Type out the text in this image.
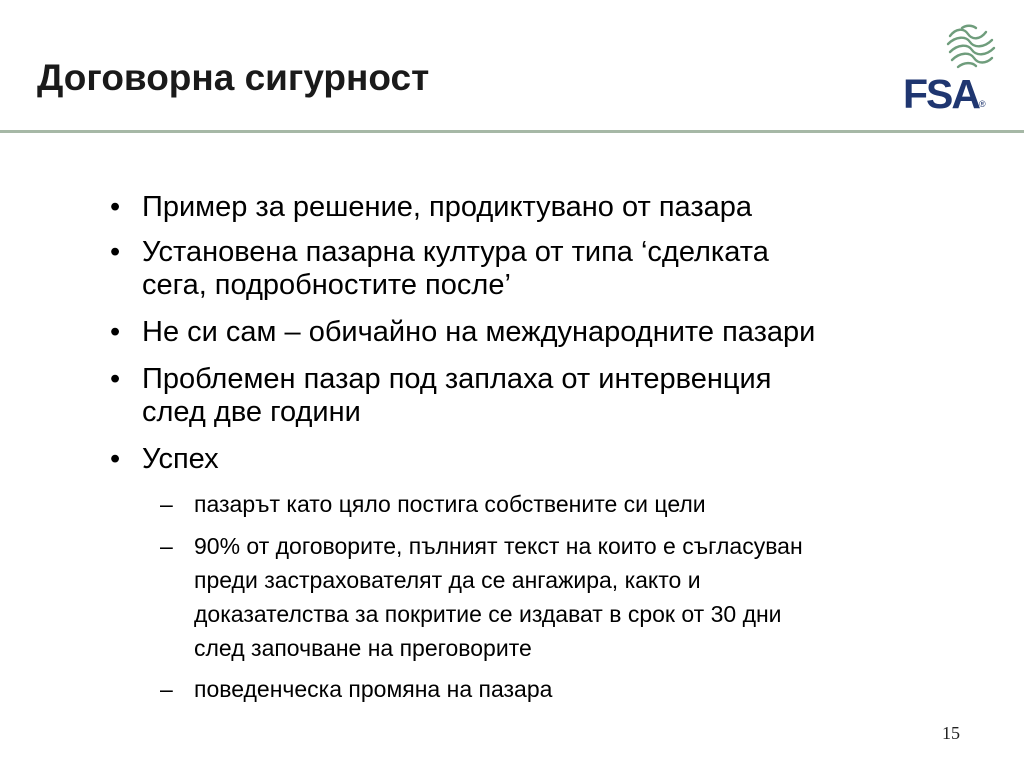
Договорна сигурност	FSA ®
• Пример за решение, продиктувано от пазара
• Установена пазарна култура от типа ‘сделката
сега, подробностите после’
• Не си сам – обичайно на международните пазари
• Проблемен пазар под заплаха от интервенция
след две години
• Успех
– пазарът като цяло постига собствените си цели
– 90% от договорите, пълният текст на които е съгласуван
преди застрахователят да се ангажира, както и
доказателства за покритие се издават в срок от 30 дни
след започване на преговорите
– поведенческа промяна на пазара
15
